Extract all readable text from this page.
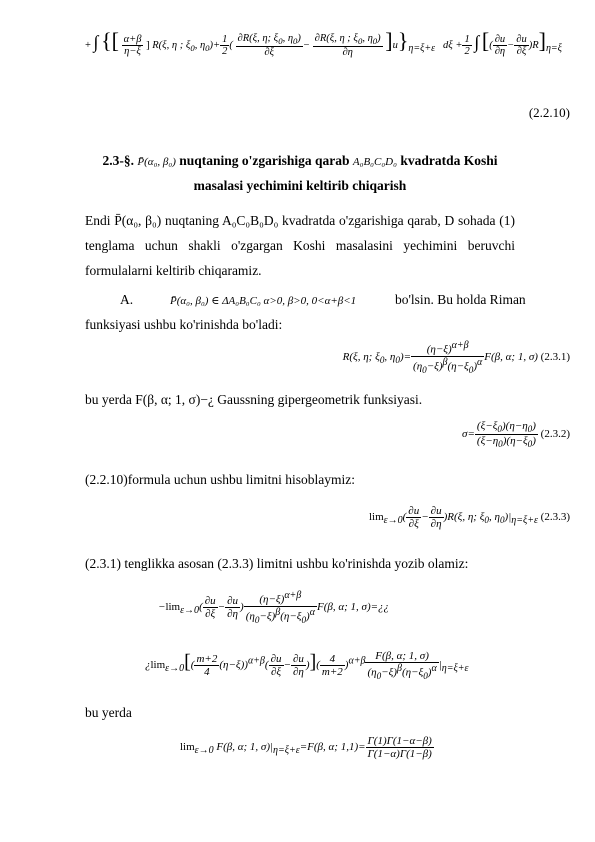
+ ∫ {[ $\frac{\alpha+\beta}{\eta-\xi}$ ] R(ξ, η ; $\xi_0$, $\eta_0)+ \frac{1}{2}$ ( $\frac{\partial R(\xi, \eta; \xi_0, \eta_0)}{\partial\xi} - \frac{\partial R(\xi, \eta ; \xi_0, \eta_0)}{\partial\eta} ]u\}_{\eta=\xi+\varepsilon}$   $d\xi + \frac{1}{2}$ ∫ [( $\frac{\partial u}{\partial\eta} - \frac{\partial u}{\partial\xi} )R]_{\eta=\xi}$
(2.2.10)
2.3-§. P̄(α₀, β₀) nuqtaning o'zgarishiga qarab A₀B₀C₀D₀ kvadratda Koshi
masalasi yechimini keltirib chiqarish
Endi P̄(α₀, β₀) nuqtaning A₀C₀B₀D₀ kvadratda o'zgarishiga qarab, D sohada (1) tenglama uchun shakli o'zgargan Koshi masalasini yechimini beruvchi formulalarni keltirib chiqaramiz.
A.	P̄(α₀, β₀) ∈ ΔA₀B₀C₀ α>0, β>0, 0<α+β<1	bo'lsin. Bu holda Riman
funksiyasi ushbu ko'rinishda bo'ladi:
R(ξ, η; $\xi_0$, $\eta_0)= \frac{(\eta-\xi)^{\alpha+\beta}}{(\eta_0-\xi)^\beta(\eta-\xi_0)^\alpha} F(\beta$, α; 1, σ) (2.3.1)
bu yerda F(β, α; 1, σ)−¿ Gaussning gipergeometrik funksiyasi.
$\sigma= \frac{(\xi-\xi_0)(\eta-\eta_0)}{(\xi-\eta_0)(\eta-\xi_0)} (2.3.2)$
(2.2.10)formula uchun ushbu limitni hisoblaymiz:
$\lim_{\varepsilon\to 0}( \frac{\partial u}{\partial\xi} - \frac{\partial u}{\partial\eta} )R(\xi$, η; $\xi_0$, $\eta_0)|_{\eta=\xi+\varepsilon}$ (2.3.3)
(2.3.1) tenglikka asosan (2.3.3) limitni ushbu ko'rinishda yozib olamiz:
$-\lim_{\varepsilon\to 0}( \frac{\partial u}{\partial\xi} - \frac{\partial u}{\partial\eta}$ ) $\frac{(\eta-\xi)^{\alpha+\beta}}{(\eta_0-\xi)^\beta(\eta-\xi_0)^\alpha} F(\beta$, α; 1, σ)=¿¿
¿$\lim_{\varepsilon\to 0}[( \frac{m+2}{4} (\eta-\xi))^{\alpha+\beta}( \frac{\partial u}{\partial\xi} - \frac{\partial u}{\partial\eta}$ )]( $\frac{4}{m+2} )^{\alpha+\beta} \frac{F(\beta, \alpha; 1, \sigma)}{(\eta_0-\xi)^\beta(\eta-\xi_0)^\alpha} |_{\eta=\xi+\varepsilon}$
bu yerda
$\lim_{\varepsilon\to 0} F(\beta$, α; 1, $\sigma)|_{\eta=\xi+\varepsilon}=F(\beta$, α; $1,1)= \frac{\Gamma(1)\Gamma(1-\alpha-\beta)}{\Gamma(1-\alpha)\Gamma(1-\beta)}$
